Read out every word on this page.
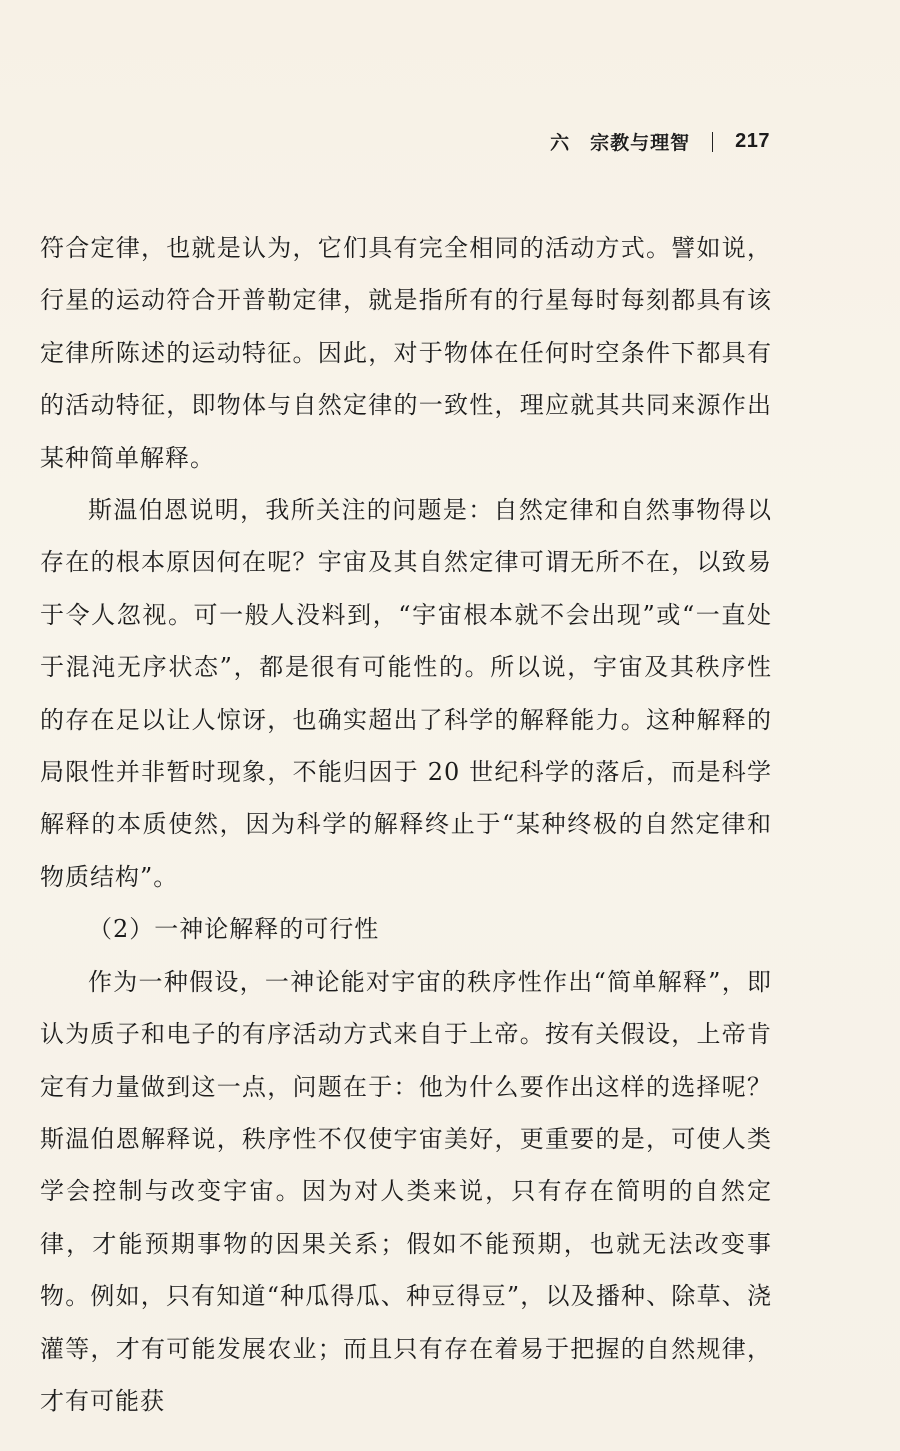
六 宗教与理智 217

符合定律，也就是认为，它们具有完全相同的活动方式。譬如说，行星的运动符合开普勒定律，就是指所有的行星每时每刻都具有该定律所陈述的运动特征。因此，对于物体在任何时空条件下都具有的活动特征，即物体与自然定律的一致性，理应就其共同来源作出某种简单解释。

斯温伯恩说明，我所关注的问题是：自然定律和自然事物得以存在的根本原因何在呢？宇宙及其自然定律可谓无所不在，以致易于令人忽视。可一般人没料到，“宇宙根本就不会出现”或“一直处于混沌无序状态”，都是很有可能性的。所以说，宇宙及其秩序性的存在足以让人惊讶，也确实超出了科学的解释能力。这种解释的局限性并非暂时现象，不能归因于 20 世纪科学的落后，而是科学解释的本质使然，因为科学的解释终止于“某种终极的自然定律和物质结构”。

（2）一神论解释的可行性

作为一种假设，一神论能对宇宙的秩序性作出“简单解释”，即认为质子和电子的有序活动方式来自于上帝。按有关假设，上帝肯定有力量做到这一点，问题在于：他为什么要作出这样的选择呢？斯温伯恩解释说，秩序性不仅使宇宙美好，更重要的是，可使人类学会控制与改变宇宙。因为对人类来说，只有存在简明的自然定律，才能预期事物的因果关系；假如不能预期，也就无法改变事物。例如，只有知道“种瓜得瓜、种豆得豆”，以及播种、除草、浇灌等，才有可能发展农业；而且只有存在着易于把握的自然规律，才有可能获
